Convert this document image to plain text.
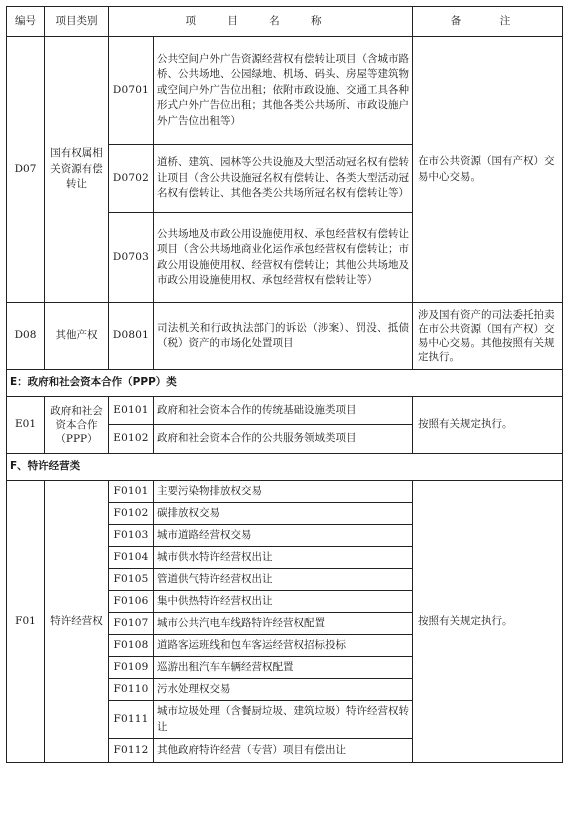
编号	项目类别	项 目 名 称		备　注
D07	国有权属相关资源有偿转让	D0701	公共空间户外广告资源经营权有偿转让项目（含城市路桥、公共场地、公园绿地、机场、码头、房屋等建筑物或空间户外广告位出租；依附市政设施、交通工具各种形式户外广告位出租；其他各类公共场所、市政设施户外广告位出租等）	在市公共资源（国有产权）交易中心交易。
		D0702	道桥、建筑、园林等公共设施及大型活动冠名权有偿转让项目（含公共设施冠名权有偿转让、各类大型活动冠名权有偿转让、其他各类公共场所冠名权有偿转让等）	
		D0703	公共场地及市政公用设施使用权、承包经营权有偿转让项目（含公共场地商业化运作承包经营权有偿转让；市政公用设施使用权、经营权有偿转让；其他公共场地及市政公用设施使用权、承包经营权有偿转让等）	
D08	其他产权	D0801	司法机关和行政执法部门的诉讼（涉案）、罚没、抵债（税）资产的市场化处置项目	涉及国有资产的司法委托拍卖在市公共资源（国有产权）交易中心交易。其他按照有关规定执行。
E：政府和社会资本合作（PPP）类				
E01	政府和社会资本合作（PPP）	E0101	政府和社会资本合作的传统基础设施类项目	按照有关规定执行。
		E0102	政府和社会资本合作的公共服务领域类项目	
F、特许经营类				
F01	特许经营权	F0101	主要污染物排放权交易	按照有关规定执行。
		F0102	碳排放权交易	
		F0103	城市道路经营权交易	
		F0104	城市供水特许经营权出让	
		F0105	管道供气特许经营权出让	
		F0106	集中供热特许经营权出让	
		F0107	城市公共汽电车线路特许经营权配置	
		F0108	道路客运班线和包车客运经营权招标投标	
		F0109	巡游出租汽车车辆经营权配置	
		F0110	污水处理权交易	
		F0111	城市垃圾处理（含餐厨垃圾、建筑垃圾）特许经营权转让	
		F0112	其他政府特许经营（专营）项目有偿出让	
